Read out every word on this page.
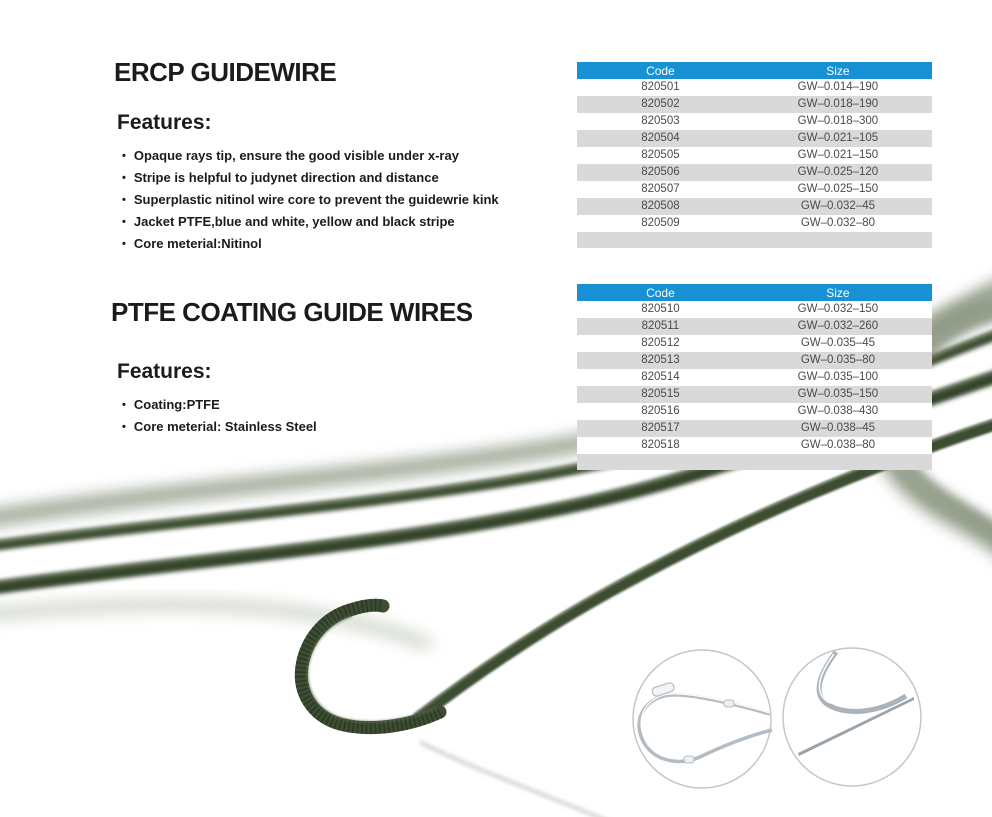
ERCP GUIDEWIRE
Features:
• Opaque rays tip, ensure the good visible under x-ray
• Stripe is helpful to judynet direction and distance
• Superplastic nitinol wire core to prevent the guidewrie kink
• Jacket PTFE,blue and white, yellow and black stripe
• Core meterial:Nitinol
Code	Size
820501	GW–0.014–190
820502	GW–0.018–190
820503	GW–0.018–300
820504	GW–0.021–105
820505	GW–0.021–150
820506	GW–0.025–120
820507	GW–0.025–150
820508	GW–0.032–45
820509	GW–0.032–80

PTFE COATING GUIDE WIRES
Features:
• Coating:PTFE
• Core meterial: Stainless Steel
Code	Size
820510	GW–0.032–150
820511	GW–0.032–260
820512	GW–0.035–45
820513	GW–0.035–80
820514	GW–0.035–100
820515	GW–0.035–150
820516	GW–0.038–430
820517	GW–0.038–45
820518	GW–0.038–80
